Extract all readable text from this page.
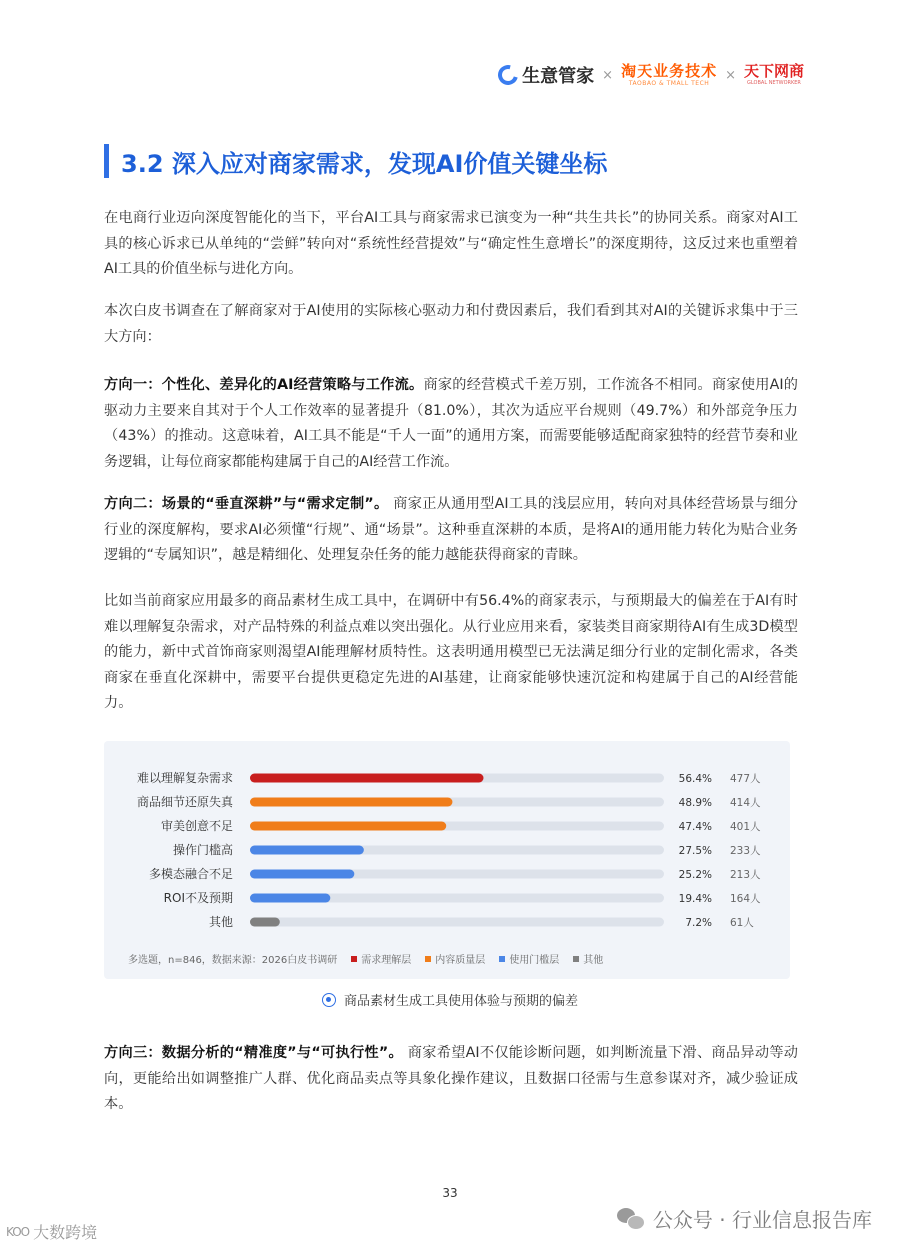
生意管家 × 淘天业务技术
TAOBAO & TMALL TECH
× 天下网商
GLOBAL NETWORKER
3.2 深入应对商家需求，发现AI价值关键坐标

在电商行业迈向深度智能化的当下，平台AI工具与商家需求已演变为一种“共生共长”的协同关系。商家对AI工具的核心诉求已从单纯的“尝鲜”转向对“系统性经营提效”与“确定性生意增长”的深度期待，这反过来也重塑着AI工具的价值坐标与进化方向。

本次白皮书调查在了解商家对于AI使用的实际核心驱动力和付费因素后，我们看到其对AI的关键诉求集中于三大方向：

方向一：个性化、差异化的AI经营策略与工作流。商家的经营模式千差万别，工作流各不相同。商家使用AI的驱动力主要来自其对于个人工作效率的显著提升（81.0%），其次为适应平台规则（49.7%）和外部竞争压力（43%）的推动。这意味着，AI工具不能是“千人一面”的通用方案，而需要能够适配商家独特的经营节奏和业务逻辑，让每位商家都能构建属于自己的AI经营工作流。

方向二：场景的“垂直深耕”与“需求定制”。 商家正从通用型AI工具的浅层应用，转向对具体经营场景与细分行业的深度解构，要求AI必须懂“行规”、通“场景”。这种垂直深耕的本质，是将AI的通用能力转化为贴合业务逻辑的“专属知识”，越是精细化、处理复杂任务的能力越能获得商家的青睐。

比如当前商家应用最多的商品素材生成工具中，在调研中有56.4%的商家表示，与预期最大的偏差在于AI有时难以理解复杂需求，对产品特殊的利益点难以突出强化。从行业应用来看，家装类目商家期待AI有生成3D模型的能力，新中式首饰商家则渴望AI能理解材质特性。这表明通用模型已无法满足细分行业的定制化需求，各类商家在垂直化深耕中，需要平台提供更稳定先进的AI基建，让商家能够快速沉淀和构建属于自己的AI经营能力。

难以理解复杂需求	56.4% 477人
商品细节还原失真	48.9% 414人
审美创意不足	47.4% 401人
操作门槛高	27.5% 233人
多模态融合不足	25.2% 213人
ROI不及预期	19.4% 164人
其他	7.2% 61人
多选题，n=846，数据来源：2026白皮书调研 需求理解层 内容质量层 使用门槛层 其他
商品素材生成工具使用体验与预期的偏差

方向三：数据分析的“精准度”与“可执行性”。 商家希望AI不仅能诊断问题，如判断流量下滑、商品异动等动向，更能给出如调整推广人群、优化商品卖点等具象化操作建议，且数据口径需与生意参谋对齐，减少验证成本。

33
公众号 · 行业信息报告库
KOO 大数跨境
